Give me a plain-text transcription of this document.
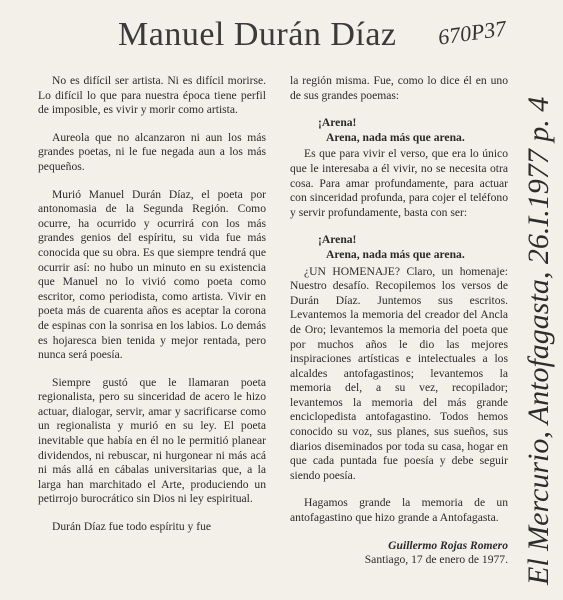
Manuel Durán Díaz 670P37
El Mercurio, Antofagasta, 26.I.1977 p. 4

No es difícil ser artista. Ni es difícil morirse. Lo difícil lo que para nuestra época tiene perfil de imposible, es vivir y morir como artista.

Aureola que no alcanzaron ni aun los más grandes poetas, ni le fue negada aun a los más pequeños.

Murió Manuel Durán Díaz, el poeta por antonomasia de la Segunda Región. Como ocurre, ha ocurrido y ocurrirá con los más grandes genios del espíritu, su vida fue más conocida que su obra. Es que siempre tendrá que ocurrir así: no hubo un minuto en su existencia que Manuel no lo vivió como poeta como escritor, como periodista, como artista. Vivir en poeta más de cuarenta años es aceptar la corona de espinas con la sonrisa en los labios. Lo demás es hojaresca bien tenida y mejor rentada, pero nunca será poesía.

Siempre gustó que le llamaran poeta regionalista, pero su sinceridad de acero le hizo actuar, dialogar, servir, amar y sacrificarse como un regionalista y murió en su ley. El poeta inevitable que había en él no le permitió planear dividendos, ni rebuscar, ni hurgonear ni más acá ni más allá en cábalas universitarias que, a la larga han marchitado el Arte, produciendo un petirrojo burocrático sin Dios ni ley espiritual.

Durán Díaz fue todo espíritu y fue

la región misma. Fue, como lo dice él en uno de sus grandes poemas:

¡Arena!
Arena, nada más que arena.

Es que para vivir el verso, que era lo único que le interesaba a él vivir, no se necesita otra cosa. Para amar profundamente, para actuar con sinceridad profunda, para cojer el teléfono y servir profundamente, basta con ser:

¡Arena!
Arena, nada más que arena.

¿UN HOMENAJE? Claro, un homenaje: Nuestro desafío. Recopilemos los versos de Durán Díaz. Juntemos sus escritos. Levantemos la memoria del creador del Ancla de Oro; levantemos la memoria del poeta que por muchos años le dio las mejores inspiraciones artísticas e intelectuales a los alcaldes antofagastinos; levantemos la memoria del, a su vez, recopilador; levantemos la memoria del más grande enciclopedista antofagastino. Todos hemos conocido su voz, sus planes, sus sueños, sus diarios diseminados por toda su casa, hogar en que cada puntada fue poesía y debe seguir siendo poesía.

Hagamos grande la memoria de un antofagastino que hizo grande a Antofagasta.

Guillermo Rojas Romero
Santiago, 17 de enero de 1977.
